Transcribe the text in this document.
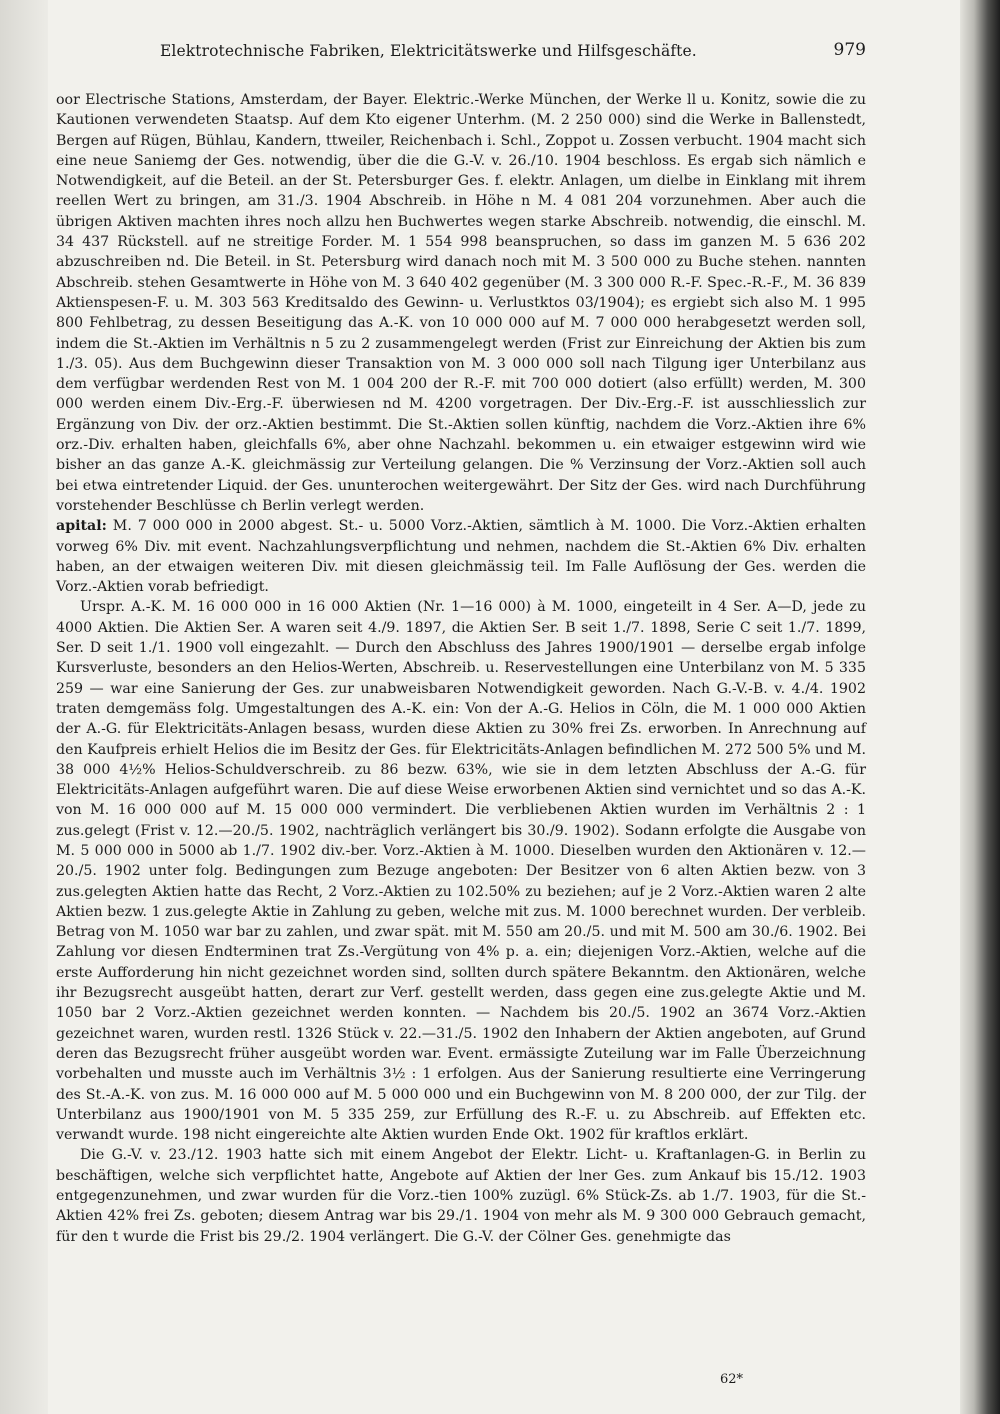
Elektrotechnische Fabriken, Elektricitätswerke und Hilfsgeschäfte.	979

oor Electrische Stations, Amsterdam, der Bayer. Elektric.-Werke München, der Werke ll u. Konitz, sowie die zu Kautionen verwendeten Staatsp. Auf dem Kto eigener Unterhm. (M. 2 250 000) sind die Werke in Ballenstedt, Bergen auf Rügen, Bühlau, Kandern, ttweiler, Reichenbach i. Schl., Zoppot u. Zossen verbucht. 1904 macht sich eine neue Saniemg der Ges. notwendig, über die die G.-V. v. 26./10. 1904 beschloss. Es ergab sich nämlich e Notwendigkeit, auf die Beteil. an der St. Petersburger Ges. f. elektr. Anlagen, um dielbe in Einklang mit ihrem reellen Wert zu bringen, am 31./3. 1904 Abschreib. in Höhe n M. 4 081 204 vorzunehmen. Aber auch die übrigen Aktiven machten ihres noch allzu hen Buchwertes wegen starke Abschreib. notwendig, die einschl. M. 34 437 Rückstell. auf ne streitige Forder. M. 1 554 998 beanspruchen, so dass im ganzen M. 5 636 202 abzuschreiben nd. Die Beteil. in St. Petersburg wird danach noch mit M. 3 500 000 zu Buche stehen. nannten Abschreib. stehen Gesamtwerte in Höhe von M. 3 640 402 gegenüber (M. 3 300 000 R.-F. Spec.-R.-F., M. 36 839 Aktienspesen-F. u. M. 303 563 Kreditsaldo des Gewinn- u. Verlustktos 03/1904); es ergiebt sich also M. 1 995 800 Fehlbetrag, zu dessen Beseitigung das A.-K. von 10 000 000 auf M. 7 000 000 herabgesetzt werden soll, indem die St.-Aktien im Verhältnis n 5 zu 2 zusammengelegt werden (Frist zur Einreichung der Aktien bis zum 1./3. 05). Aus dem Buchgewinn dieser Transaktion von M. 3 000 000 soll nach Tilgung iger Unterbilanz aus dem verfügbar werdenden Rest von M. 1 004 200 der R.-F. mit 700 000 dotiert (also erfüllt) werden, M. 300 000 werden einem Div.-Erg.-F. überwiesen nd M. 4200 vorgetragen. Der Div.-Erg.-F. ist ausschliesslich zur Ergänzung von Div. der orz.-Aktien bestimmt. Die St.-Aktien sollen künftig, nachdem die Vorz.-Aktien ihre 6% orz.-Div. erhalten haben, gleichfalls 6%, aber ohne Nachzahl. bekommen u. ein etwaiger estgewinn wird wie bisher an das ganze A.-K. gleichmässig zur Verteilung gelangen. Die % Verzinsung der Vorz.-Aktien soll auch bei etwa eintretender Liquid. der Ges. ununterochen weitergewährt. Der Sitz der Ges. wird nach Durchführung vorstehender Beschlüsse ch Berlin verlegt werden.

apital: M. 7 000 000 in 2000 abgest. St.- u. 5000 Vorz.-Aktien, sämtlich à M. 1000. Die Vorz.-Aktien erhalten vorweg 6% Div. mit event. Nachzahlungsverpflichtung und nehmen, nachdem die St.-Aktien 6% Div. erhalten haben, an der etwaigen weiteren Div. mit diesen gleichmässig teil. Im Falle Auflösung der Ges. werden die Vorz.-Aktien vorab befriedigt.

Urspr. A.-K. M. 16 000 000 in 16 000 Aktien (Nr. 1—16 000) à M. 1000, eingeteilt in 4 Ser. A—D, jede zu 4000 Aktien. Die Aktien Ser. A waren seit 4./9. 1897, die Aktien Ser. B seit 1./7. 1898, Serie C seit 1./7. 1899, Ser. D seit 1./1. 1900 voll eingezahlt. — Durch den Abschluss des Jahres 1900/1901 — derselbe ergab infolge Kursverluste, besonders an den Helios-Werten, Abschreib. u. Reservestellungen eine Unterbilanz von M. 5 335 259 — war eine Sanierung der Ges. zur unabweisbaren Notwendigkeit geworden. Nach G.-V.-B. v. 4./4. 1902 traten demgemäss folg. Umgestaltungen des A.-K. ein: Von der A.-G. Helios in Cöln, die M. 1 000 000 Aktien der A.-G. für Elektricitäts-Anlagen besass, wurden diese Aktien zu 30% frei Zs. erworben. In Anrechnung auf den Kaufpreis erhielt Helios die im Besitz der Ges. für Elektricitäts-Anlagen befindlichen M. 272 500 5% und M. 38 000 4½% Helios-Schuldverschreib. zu 86 bezw. 63%, wie sie in dem letzten Abschluss der A.-G. für Elektricitäts-Anlagen aufgeführt waren. Die auf diese Weise erworbenen Aktien sind vernichtet und so das A.-K. von M. 16 000 000 auf M. 15 000 000 vermindert. Die verbliebenen Aktien wurden im Verhältnis 2 : 1 zus.gelegt (Frist v. 12.—20./5. 1902, nachträglich verlängert bis 30./9. 1902). Sodann erfolgte die Ausgabe von M. 5 000 000 in 5000 ab 1./7. 1902 div.-ber. Vorz.-Aktien à M. 1000. Dieselben wurden den Aktionären v. 12.—20./5. 1902 unter folg. Bedingungen zum Bezuge angeboten: Der Besitzer von 6 alten Aktien bezw. von 3 zus.gelegten Aktien hatte das Recht, 2 Vorz.-Aktien zu 102.50% zu beziehen; auf je 2 Vorz.-Aktien waren 2 alte Aktien bezw. 1 zus.gelegte Aktie in Zahlung zu geben, welche mit zus. M. 1000 berechnet wurden. Der verbleib. Betrag von M. 1050 war bar zu zahlen, und zwar spät. mit M. 550 am 20./5. und mit M. 500 am 30./6. 1902. Bei Zahlung vor diesen Endterminen trat Zs.-Vergütung von 4% p. a. ein; diejenigen Vorz.-Aktien, welche auf die erste Aufforderung hin nicht gezeichnet worden sind, sollten durch spätere Bekanntm. den Aktionären, welche ihr Bezugsrecht ausgeübt hatten, derart zur Verf. gestellt werden, dass gegen eine zus.gelegte Aktie und M. 1050 bar 2 Vorz.-Aktien gezeichnet werden konnten. — Nachdem bis 20./5. 1902 an 3674 Vorz.-Aktien gezeichnet waren, wurden restl. 1326 Stück v. 22.—31./5. 1902 den Inhabern der Aktien angeboten, auf Grund deren das Bezugsrecht früher ausgeübt worden war. Event. ermässigte Zuteilung war im Falle Überzeichnung vorbehalten und musste auch im Verhältnis 3½ : 1 erfolgen. Aus der Sanierung resultierte eine Verringerung des St.-A.-K. von zus. M. 16 000 000 auf M. 5 000 000 und ein Buchgewinn von M. 8 200 000, der zur Tilg. der Unterbilanz aus 1900/1901 von M. 5 335 259, zur Erfüllung des R.-F. u. zu Abschreib. auf Effekten etc. verwandt wurde. 198 nicht eingereichte alte Aktien wurden Ende Okt. 1902 für kraftlos erklärt.

Die G.-V. v. 23./12. 1903 hatte sich mit einem Angebot der Elektr. Licht- u. Kraftanlagen-G. in Berlin zu beschäftigen, welche sich verpflichtet hatte, Angebote auf Aktien der lner Ges. zum Ankauf bis 15./12. 1903 entgegenzunehmen, und zwar wurden für die Vorz.-tien 100% zuzügl. 6% Stück-Zs. ab 1./7. 1903, für die St.-Aktien 42% frei Zs. geboten; diesem Antrag war bis 29./1. 1904 von mehr als M. 9 300 000 Gebrauch gemacht, für den t wurde die Frist bis 29./2. 1904 verlängert. Die G.-V. der Cölner Ges. genehmigte das

62*
